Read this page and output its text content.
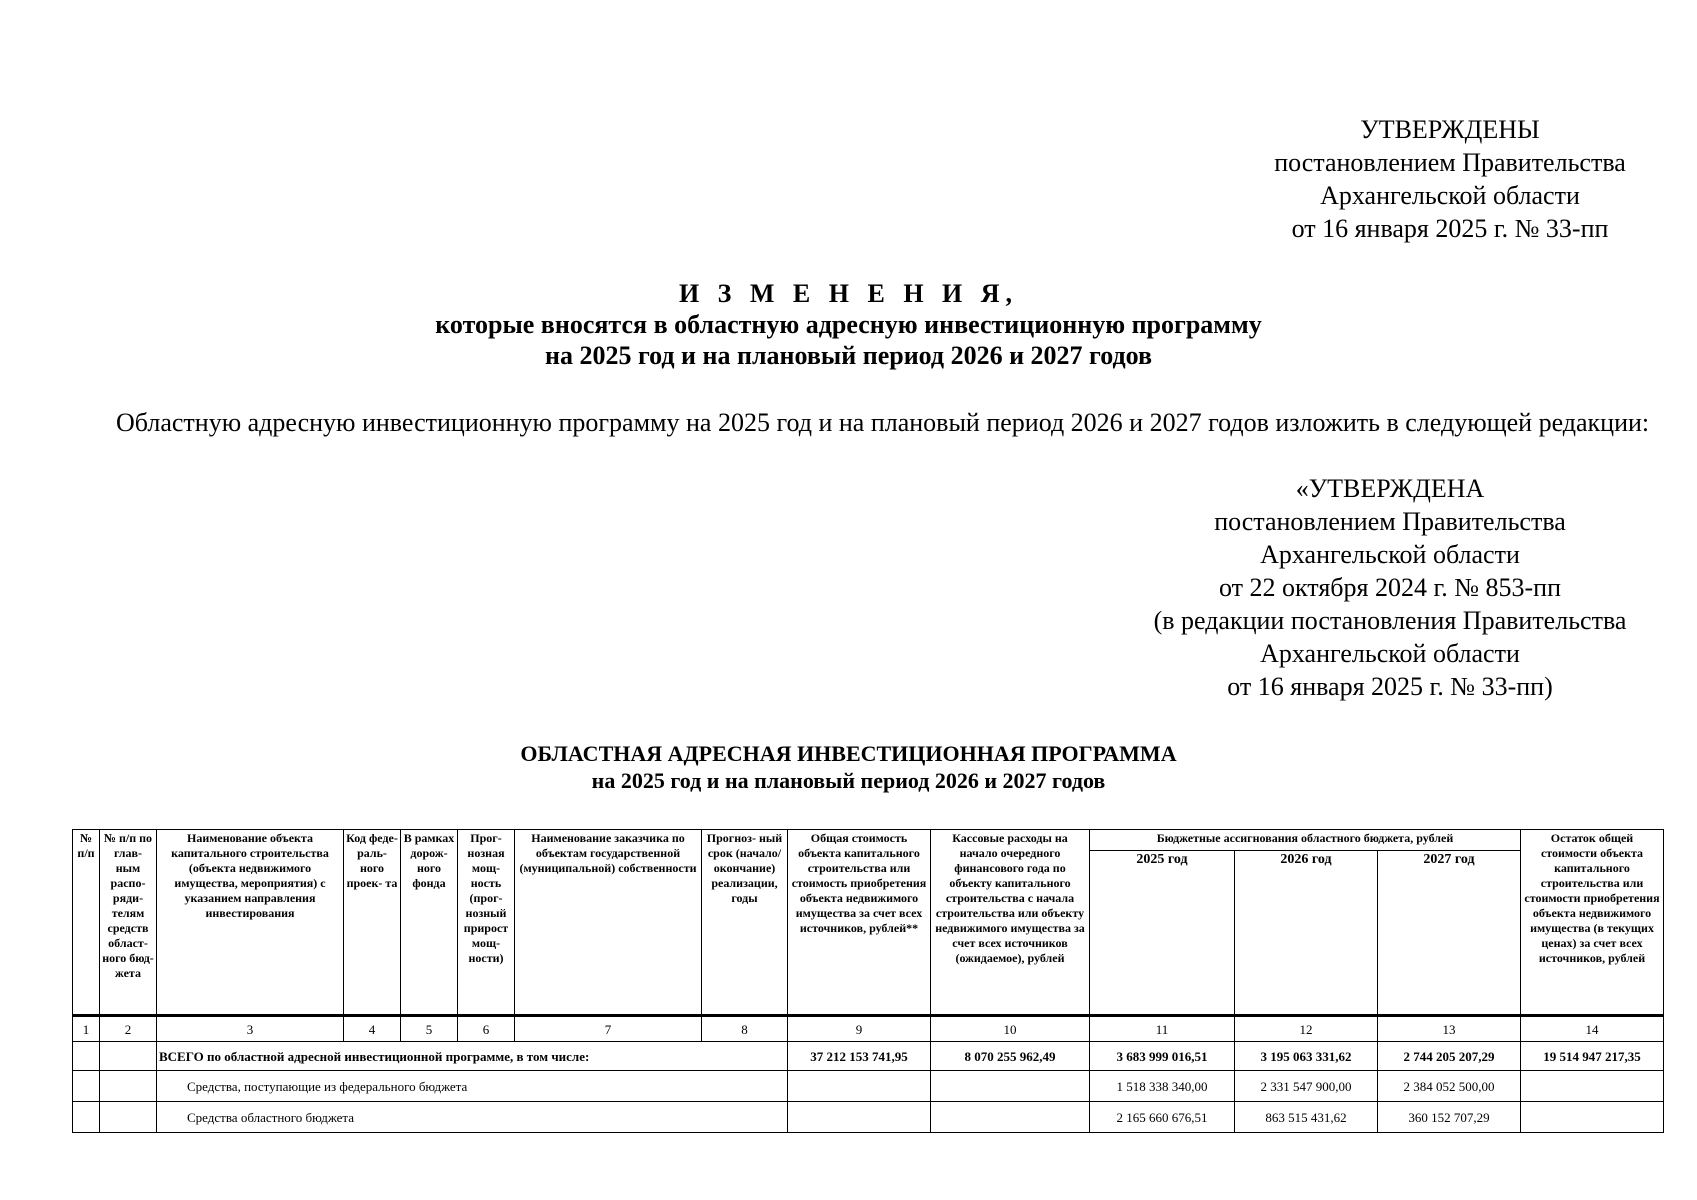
УТВЕРЖДЕНЫ
постановлением Правительства
Архангельской области
от 16 января 2025 г. № 33-пп
И З М Е Н Е Н И Я,
которые вносятся в областную адресную инвестиционную программу
на 2025 год и на плановый период 2026 и 2027 годов
Областную адресную инвестиционную программу на 2025 год и на плановый период 2026 и 2027 годов изложить в следующей редакции:
«УТВЕРЖДЕНА
постановлением Правительства
Архангельской области
от 22 октября 2024 г. № 853-пп
(в редакции постановления Правительства
Архангельской области
от 16 января 2025 г. № 33-пп)
ОБЛАСТНАЯ АДРЕСНАЯ ИНВЕСТИЦИОННАЯ ПРОГРАММА
на 2025 год и на плановый период 2026 и 2027 годов
№ п/п	№ п/п по глав- ным распо- ряди- телям средств област- ного бюд- жета	Наименование объекта капитального строительства (объекта недвижимого имущества, мероприятия) с указанием направления инвестирования	Код феде- раль- ного проек- та	В рамках дорож- ного фонда	Прог- нозная мощ- ность (прог- нозный прирост мощ- ности)	Наименование заказчика по объектам государственной (муниципальной) собственности	Прогноз- ный срок (начало/ окончание) реализации, годы	Общая стоимость объекта капитального строительства или стоимость приобретения объекта недвижимого имущества за счет всех источников, рублей**	Кассовые расходы на начало очередного финансового года по объекту капитального строительства с начала строительства или объекту недвижимого имущества за счет всех источников (ожидаемое), рублей	Бюджетные ассигнования областного бюджета, рублей			Остаток общей стоимости объекта капитального строительства или стоимости приобретения объекта недвижимого имущества (в текущих ценах) за счет всех источников, рублей
										2025 год	2026 год	2027 год	
1	2	3	4	5	6	7	8	9	10	11	12	13	14
		ВСЕГО по областной адресной инвестиционной программе, в том числе:						37 212 153 741,95	8 070 255 962,49	3 683 999 016,51	3 195 063 331,62	2 744 205 207,29	19 514 947 217,35
		Средства, поступающие из федерального бюджета								1 518 338 340,00	2 331 547 900,00	2 384 052 500,00	
		Средства областного бюджета								2 165 660 676,51	863 515 431,62	360 152 707,29	
